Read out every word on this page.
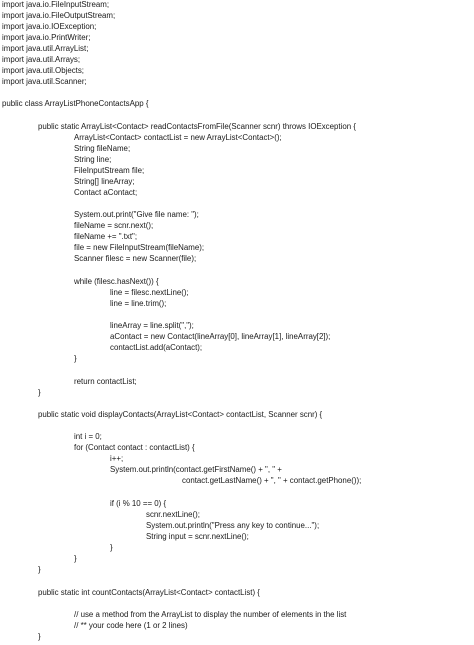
import java.io.FileInputStream;
import java.io.FileOutputStream;
import java.io.IOException;
import java.io.PrintWriter;
import java.util.ArrayList;
import java.util.Arrays;
import java.util.Objects;
import java.util.Scanner;
public class ArrayListPhoneContactsApp {
public static ArrayList<Contact> readContactsFromFile(Scanner scnr) throws IOException {
ArrayList<Contact> contactList = new ArrayList<Contact>();
String fileName;
String line;
FileInputStream file;
String[] lineArray;
Contact aContact;
System.out.print("Give file name: ");
fileName = scnr.next();
fileName += ".txt";
file = new FileInputStream(fileName);
Scanner filesc = new Scanner(file);
while (filesc.hasNext()) {
line = filesc.nextLine();
line = line.trim();
lineArray = line.split(",");
aContact = new Contact(lineArray[0], lineArray[1], lineArray[2]);
contactList.add(aContact);
}
return contactList;
}
public static void displayContacts(ArrayList<Contact> contactList, Scanner scnr) {
int i = 0;
for (Contact contact : contactList) {
i++;
System.out.println(contact.getFirstName() + ", " +
contact.getLastName() + ", " + contact.getPhone());
if (i % 10 == 0) {
scnr.nextLine();
System.out.println("Press any key to continue...");
String input = scnr.nextLine();
}
}
}
public static int countContacts(ArrayList<Contact> contactList) {
// use a method from the ArrayList to display the number of elements in the list
// ** your code here (1 or 2 lines)
}
